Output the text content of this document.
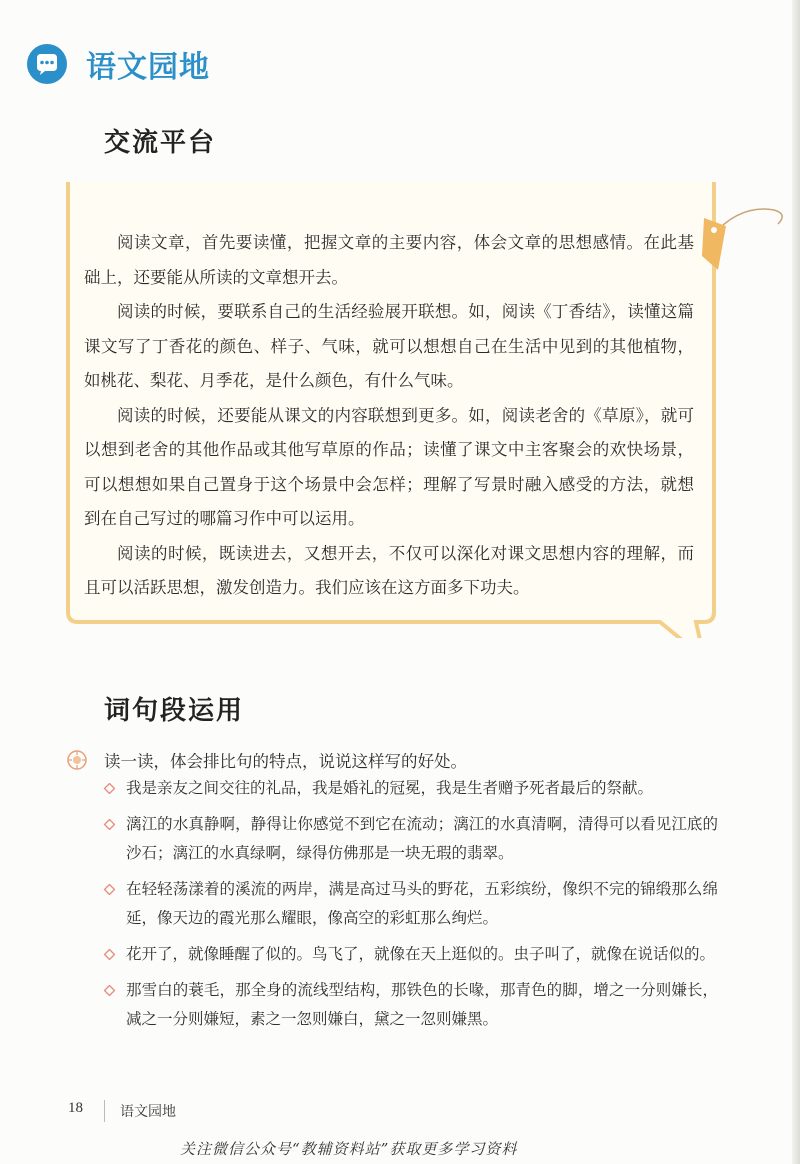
语文园地
交流平台

阅读文章，首先要读懂，把握文章的主要内容，体会文章的思想感情。在此基础上，还要能从所读的文章想开去。

阅读的时候，要联系自己的生活经验展开联想。如，阅读《丁香结》，读懂这篇课文写了丁香花的颜色、样子、气味，就可以想想自己在生活中见到的其他植物，如桃花、梨花、月季花，是什么颜色，有什么气味。

阅读的时候，还要能从课文的内容联想到更多。如，阅读老舍的《草原》，就可以想到老舍的其他作品或其他写草原的作品；读懂了课文中主客聚会的欢快场景，可以想想如果自己置身于这个场景中会怎样；理解了写景时融入感受的方法，就想到在自己写过的哪篇习作中可以运用。

阅读的时候，既读进去，又想开去，不仅可以深化对课文思想内容的理解，而且可以活跃思想，激发创造力。我们应该在这方面多下功夫。

词句段运用
读一读，体会排比句的特点，说说这样写的好处。
我是亲友之间交往的礼品，我是婚礼的冠冕，我是生者赠予死者最后的祭献。
漓江的水真静啊，静得让你感觉不到它在流动；漓江的水真清啊，清得可以看见江底的沙石；漓江的水真绿啊，绿得仿佛那是一块无瑕的翡翠。
在轻轻荡漾着的溪流的两岸，满是高过马头的野花，五彩缤纷，像织不完的锦缎那么绵延，像天边的霞光那么耀眼，像高空的彩虹那么绚烂。
花开了，就像睡醒了似的。鸟飞了，就像在天上逛似的。虫子叫了，就像在说话似的。
那雪白的蓑毛，那全身的流线型结构，那铁色的长喙，那青色的脚，增之一分则嫌长，减之一分则嫌短，素之一忽则嫌白，黛之一忽则嫌黑。
18	语文园地
关注微信公众号“教辅资料站”获取更多学习资料
